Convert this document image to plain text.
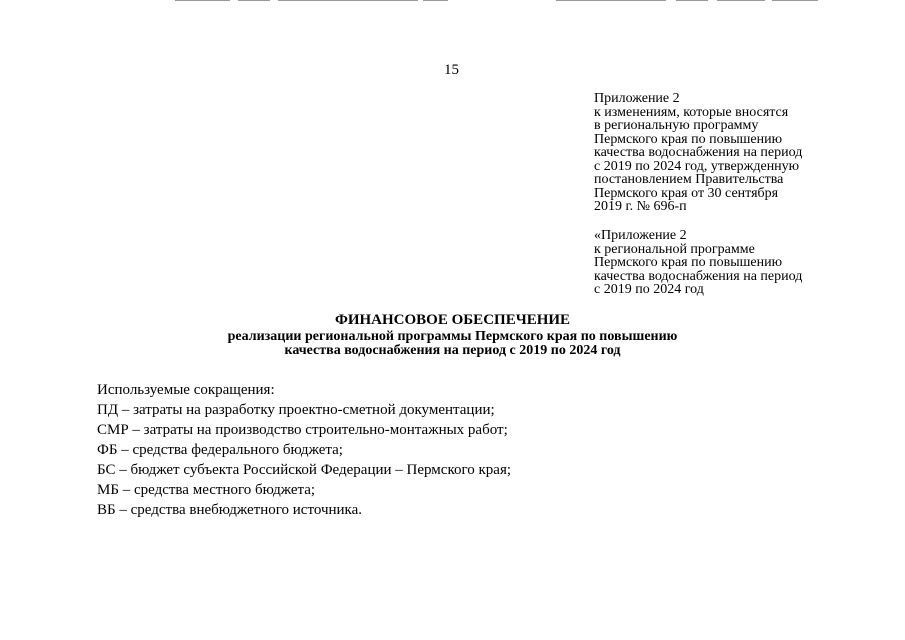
15
Приложение 2
к изменениям, которые вносятся
в региональную программу
Пермского края по повышению
качества водоснабжения на период
с 2019 по 2024 год, утвержденную
постановлением Правительства
Пермского края от 30 сентября
2019 г. № 696-п
«Приложение 2
к региональной программе
Пермского края по повышению
качества водоснабжения на период
с 2019 по 2024 год
ФИНАНСОВОЕ ОБЕСПЕЧЕНИЕ
реализации региональной программы Пермского края по повышению
качества водоснабжения на период с 2019 по 2024 год
Используемые сокращения:
ПД – затраты на разработку проектно-сметной документации;
СМР – затраты на производство строительно-монтажных работ;
ФБ – средства федерального бюджета;
БС – бюджет субъекта Российской Федерации – Пермского края;
МБ – средства местного бюджета;
ВБ – средства внебюджетного источника.
